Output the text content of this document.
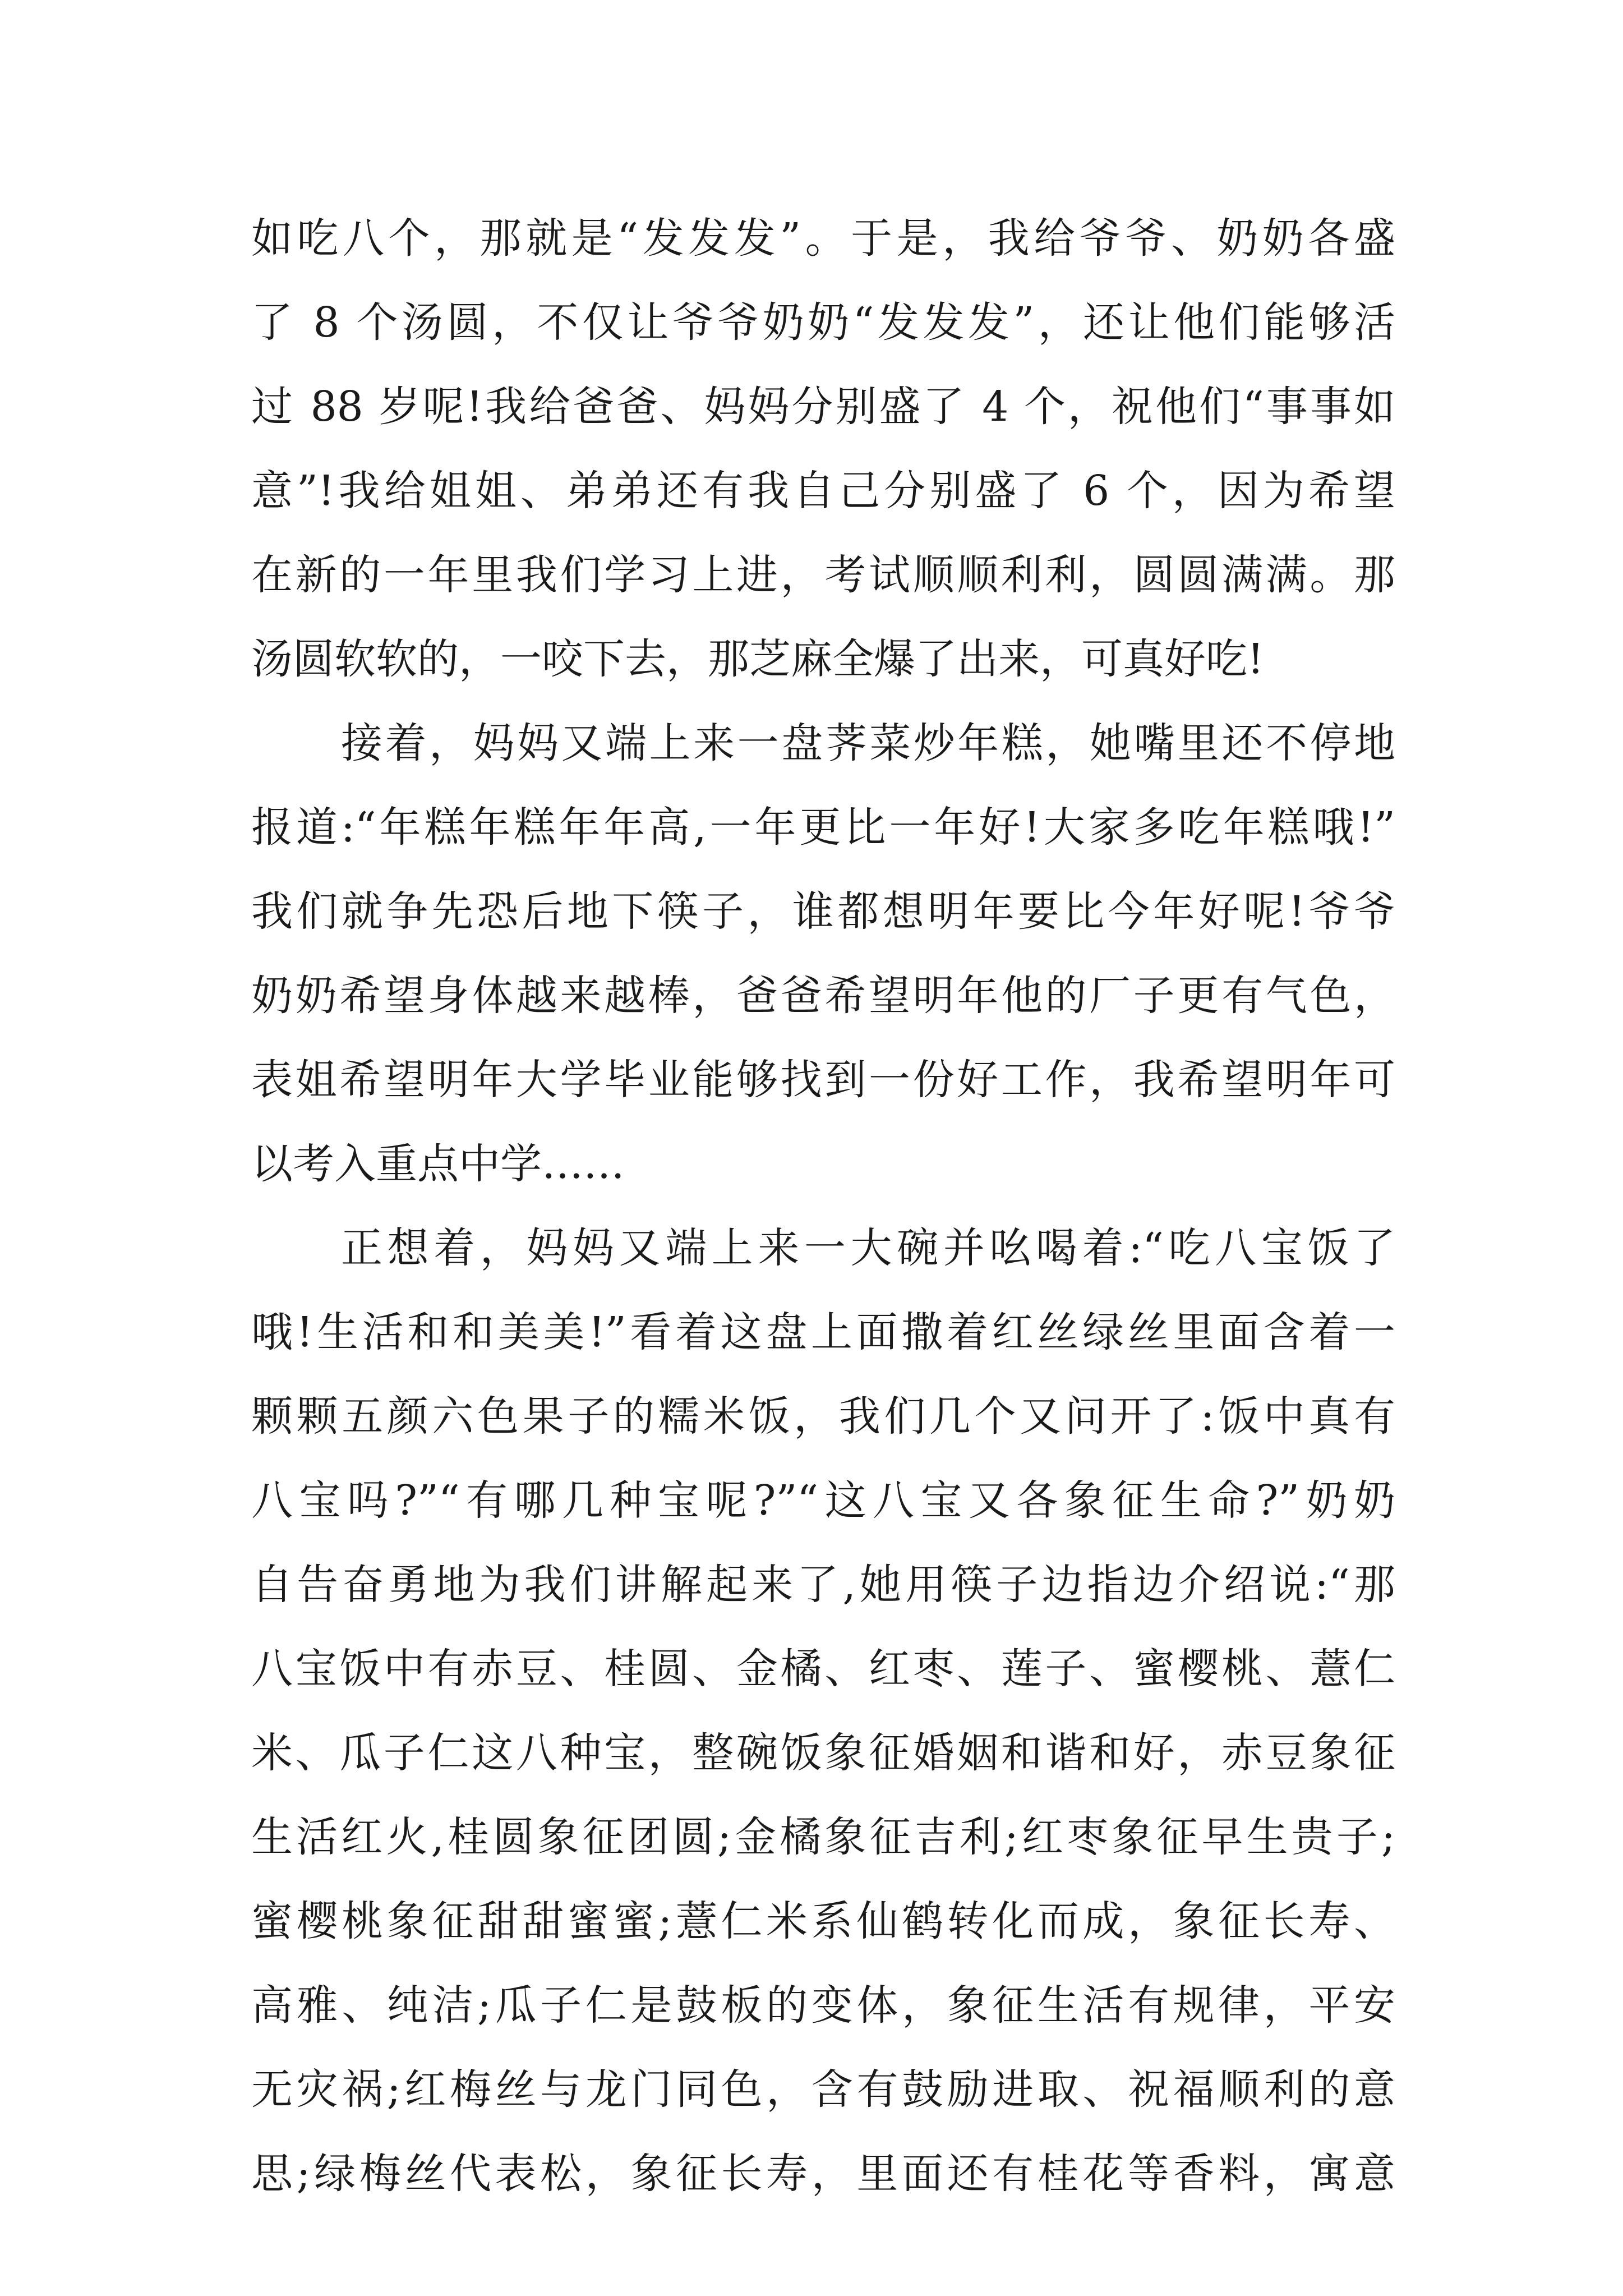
如吃八个，那就是“发发发”。于是，我给爷爷、奶奶各盛
了 8 个汤圆，不仅让爷爷奶奶“发发发”，还让他们能够活
过 88 岁呢!我给爸爸、妈妈分别盛了 4 个，祝他们“事事如
意”!我给姐姐、弟弟还有我自己分别盛了 6 个，因为希望
在新的一年里我们学习上进，考试顺顺利利，圆圆满满。那
汤圆软软的，一咬下去，那芝麻全爆了出来，可真好吃!
接着，妈妈又端上来一盘荠菜炒年糕，她嘴里还不停地
报道:“年糕年糕年年高,一年更比一年好!大家多吃年糕哦!”
我们就争先恐后地下筷子，谁都想明年要比今年好呢!爷爷
奶奶希望身体越来越棒，爸爸希望明年他的厂子更有气色，
表姐希望明年大学毕业能够找到一份好工作，我希望明年可
以考入重点中学……
正想着，妈妈又端上来一大碗并吆喝着:“吃八宝饭了
哦!生活和和美美!”看着这盘上面撒着红丝绿丝里面含着一
颗颗五颜六色果子的糯米饭，我们几个又问开了:饭中真有
八宝吗?”“有哪几种宝呢?”“这八宝又各象征生命?”奶奶
自告奋勇地为我们讲解起来了,她用筷子边指边介绍说:“那
八宝饭中有赤豆、桂圆、金橘、红枣、莲子、蜜樱桃、薏仁
米、瓜子仁这八种宝，整碗饭象征婚姻和谐和好，赤豆象征
生活红火,桂圆象征团圆;金橘象征吉利;红枣象征早生贵子;
蜜樱桃象征甜甜蜜蜜;薏仁米系仙鹤转化而成，象征长寿、
高雅、纯洁;瓜子仁是鼓板的变体，象征生活有规律，平安
无灾祸;红梅丝与龙门同色，含有鼓励进取、祝福顺利的意
思;绿梅丝代表松，象征长寿，里面还有桂花等香料，寓意
